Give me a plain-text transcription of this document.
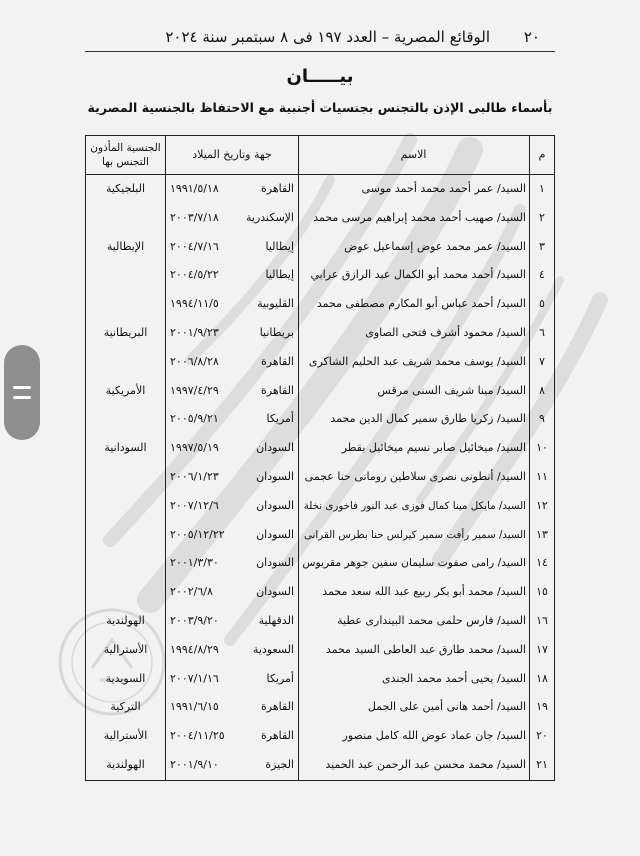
٢٠
الوقائع المصرية – العدد ١٩٧ فى ٨ سبتمبر سنة ٢٠٢٤
بيـــــان
بأسماء طالبى الإذن بالتجنس بجنسيات أجنبية مع الاحتفاظ بالجنسية المصرية
م
الاسم
جهة وتاريخ الميلاد
الجنسية المأذون
التجنس بها
١
السيد/ عمر أحمد محمد أحمد موسى
القاهرة
١٩٩١/٥/١٨
البلجيكية
٢
السيد/ صهيب أحمد محمد إبراهيم مرسى محمد
الإسكندرية
٢٠٠٣/٧/١٨
٣
السيد/ عمر محمد عوض إسماعيل عوض
إيطاليا
٢٠٠٤/٧/١٦
الإيطالية
٤
السيد/ أحمد محمد أبو الكمال عبد الرازق عرابي
إيطاليا
٢٠٠٤/٥/٢٢
٥
السيد/ أحمد عباس أبو المكارم مصطفى محمد
القليوبية
١٩٩٤/١١/٥
٦
السيد/ محمود أشرف فتحى الصاوى
بريطانيا
٢٠٠١/٩/٢٣
البريطانية
٧
السيد/ يوسف محمد شريف عبد الحليم الشاكرى
القاهرة
٢٠٠٦/٨/٢٨
٨
السيد/ مينا شريف السنى مرقس
القاهرة
١٩٩٧/٤/٢٩
الأمريكية
٩
السيد/ زكريا طارق سمير كمال الدين محمد
أمريكا
٢٠٠٥/٩/٢١
١٠
السيد/ ميخائيل صابر نسيم ميخائيل بقطر
السودان
١٩٩٧/٥/١٩
السودانية
١١
السيد/ أنطونى نصرى سلاطين رومانى حنا عجمى
السودان
٢٠٠٦/١/٢٣
١٢
السيد/ مايكل مينا كمال فوزى عبد النور فاخورى نخلة
السودان
٢٠٠٧/١٢/٦
١٣
السيد/ سمير رأفت سمير كيرلس حنا بطرس القرانى
السودان
٢٠٠٥/١٢/٢٢
١٤
السيد/ رامى صفوت سليمان سفين جوهر مقريوس
السودان
٢٠٠١/٣/٣٠
١٥
السيد/ محمد أبو بكر ربيع عبد الله سعد محمد
السودان
٢٠٠٢/٦/٨
١٦
السيد/ فارس حلمى محمد البيندارى عطية
الدقهلية
٢٠٠٣/٩/٢٠
الهولندية
١٧
السيد/ محمد طارق عبد العاطى السيد محمد
السعودية
١٩٩٤/٨/٢٩
الأسترالية
١٨
السيد/ يحيى أحمد محمد الجندى
أمريكا
٢٠٠٧/١/١٦
السويدية
١٩
السيد/ أحمد هانى أمين على الجمل
القاهرة
١٩٩١/٦/١٥
التركية
٢٠
السيد/ جان عماد عوض الله كامل منصور
القاهرة
٢٠٠٤/١١/٢٥
الأسترالية
٢١
السيد/ محمد محسن عبد الرحمن عبد الحميد
الجيزة
٢٠٠١/٩/١٠
الهولندية
